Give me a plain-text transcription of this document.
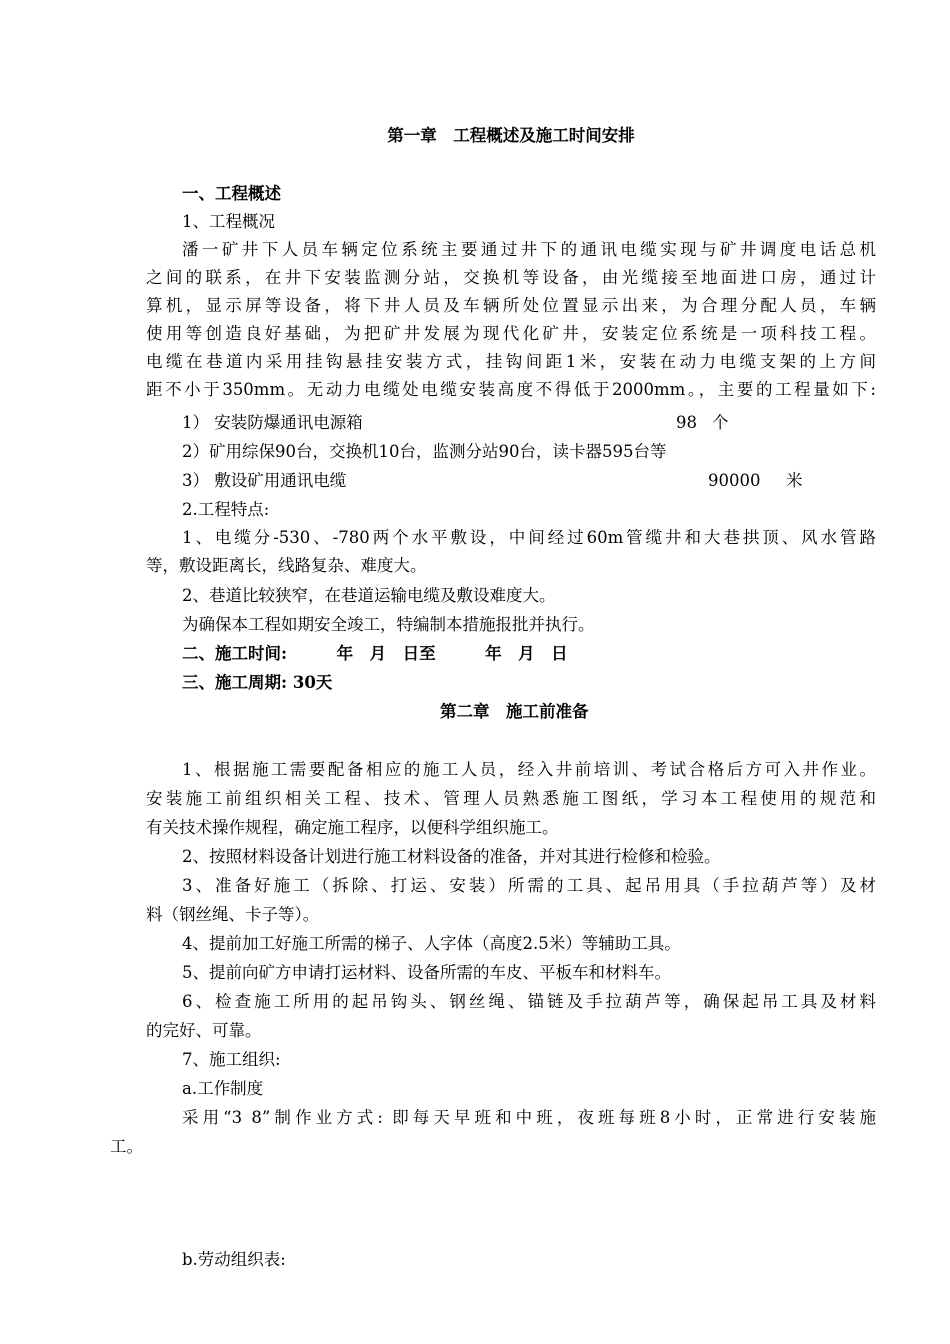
第一章　工程概述及施工时间安排
一、工程概述
1、工程概况
潘一矿井下人员车辆定位系统主要通过井下的通讯电缆实现与矿井调度电话总机
之间的联系，在井下安装监测分站，交换机等设备，由光缆接至地面进口房，通过计
算机，显示屏等设备，将下井人员及车辆所处位置显示出来，为合理分配人员，车辆
使用等创造良好基础，为把矿井发展为现代化矿井，安装定位系统是一项科技工程。
电缆在巷道内采用挂钩悬挂安装方式，挂钩间距1米，安装在动力电缆支架的上方间
距不小于350mm。无动力电缆处电缆安装高度不得低于2000mm。，主要的工程量如下:
1） 安装防爆通讯电源箱	98 个
2）矿用综保90台，交换机10台，监测分站90台，读卡器595台等
3） 敷设矿用通讯电缆	90000 米
2.工程特点:
1、电缆分-530、-780两个水平敷设，中间经过60m管缆井和大巷拱顶、风水管路
等，敷设距离长，线路复杂、难度大。
2、巷道比较狭窄，在巷道运输电缆及敷设难度大。
为确保本工程如期安全竣工，特编制本措施报批并执行。
二、施工时间:　　　年　月　日至　　　年　月　日
三、施工周期: 30天
第二章　施工前准备
1、根据施工需要配备相应的施工人员，经入井前培训、考试合格后方可入井作业。
安装施工前组织相关工程、技术、管理人员熟悉施工图纸，学习本工程使用的规范和
有关技术操作规程，确定施工程序，以便科学组织施工。
2、按照材料设备计划进行施工材料设备的准备，并对其进行检修和检验。
3、准备好施工（拆除、打运、安装）所需的工具、起吊用具（手拉葫芦等）及材
料（钢丝绳、卡子等）。
4、提前加工好施工所需的梯子、人字体（高度2.5米）等辅助工具。
5、提前向矿方申请打运材料、设备所需的车皮、平板车和材料车。
6、检查施工所用的起吊钩头、钢丝绳、锚链及手拉葫芦等，确保起吊工具及材料
的完好、可靠。
7、施工组织:
a.工作制度
采用“3 8”制作业方式: 即每天早班和中班，夜班每班8小时，正常进行安装施
工。
b.劳动组织表:
